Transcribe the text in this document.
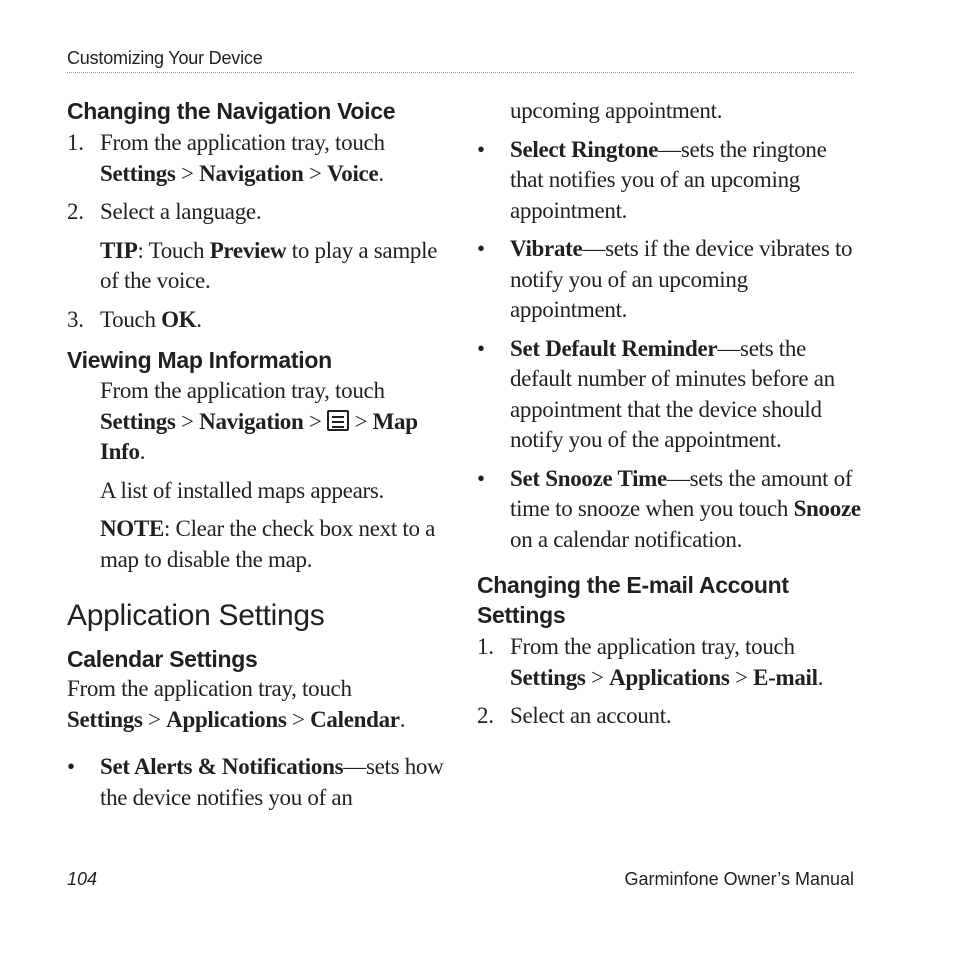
Customizing Your Device
Changing the Navigation Voice
1. From the application tray, touch
Settings > Navigation > Voice.
2. Select a language.

TIP: Touch Preview to play a sample of the voice.

3. Touch OK.
Viewing Map Information

From the application tray, touch
Settings > Navigation >  > Map Info.

A list of installed maps appears.

NOTE: Clear the check box next to a map to disable the map.

Application Settings
Calendar Settings

From the application tray, touch
Settings > Applications > Calendar.

• Set Alerts & Notifications—sets how the device notifies you of an

upcoming appointment.

• Select Ringtone—sets the ringtone that notifies you of an upcoming appointment.
• Vibrate—sets if the device vibrates to notify you of an upcoming appointment.
• Set Default Reminder—sets the default number of minutes before an appointment that the device should notify you of the appointment.
• Set Snooze Time—sets the amount of time to snooze when you touch Snooze on a calendar notification.
Changing the E-mail Account Settings
1. From the application tray, touch
Settings > Applications > E-mail.
2. Select an account.
104	Garminfone Owner’s Manual
